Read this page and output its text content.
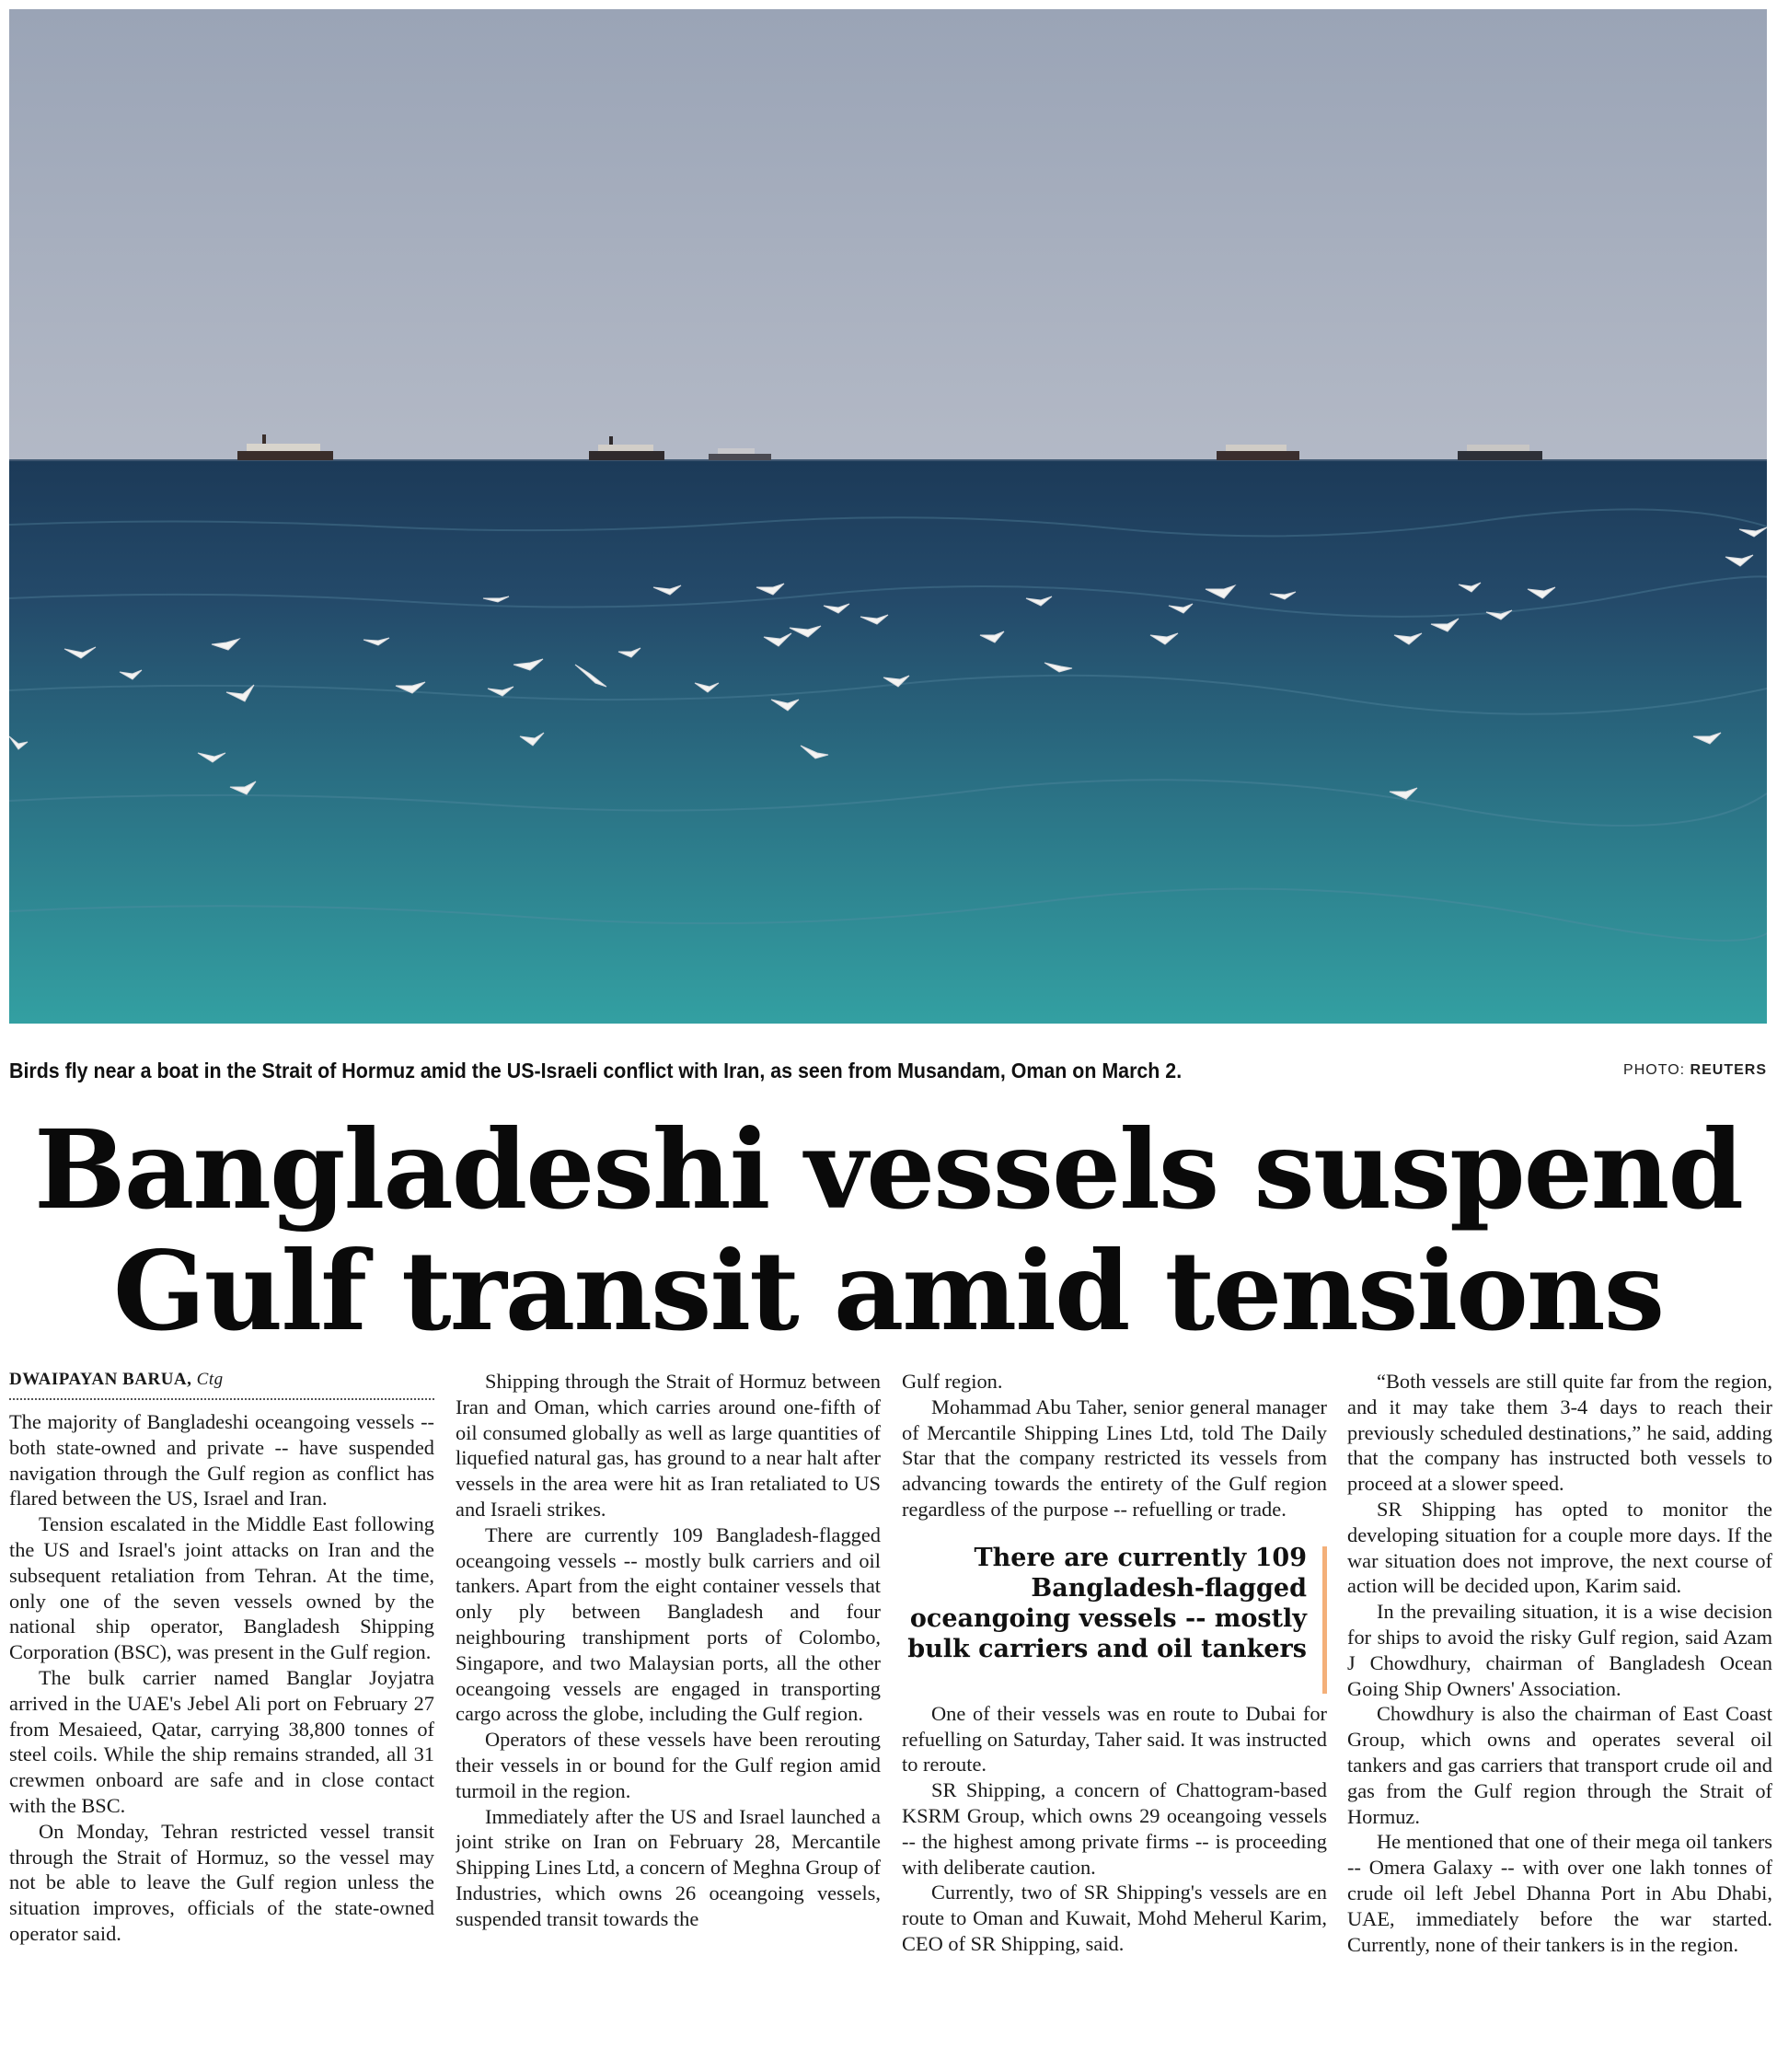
Birds fly near a boat in the Strait of Hormuz amid the US-Israeli conflict with Iran, as seen from Musandam, Oman on March 2.	PHOTO: REUTERS
Bangladeshi vessels suspend
Gulf transit amid tensions
DWAIPAYAN BARUA, Ctg

The majority of Bangladeshi oceangoing vessels -- both state-owned and private -- have suspended navigation through the Gulf region as conflict has flared between the US, Israel and Iran.

Tension escalated in the Middle East following the US and Israel's joint attacks on Iran and the subsequent retaliation from Tehran. At the time, only one of the seven vessels owned by the national ship operator, Bangladesh Shipping Corporation (BSC), was present in the Gulf region.

The bulk carrier named Banglar Joyjatra arrived in the UAE's Jebel Ali port on February 27 from Mesaieed, Qatar, carrying 38,800 tonnes of steel coils. While the ship remains stranded, all 31 crewmen onboard are safe and in close contact with the BSC.

On Monday, Tehran restricted vessel transit through the Strait of Hormuz, so the vessel may not be able to leave the Gulf region unless the situation improves, officials of the state-owned operator said.

Shipping through the Strait of Hormuz between Iran and Oman, which carries around one-fifth of oil consumed globally as well as large quantities of liquefied natural gas, has ground to a near halt after vessels in the area were hit as Iran retaliated to US and Israeli strikes.

There are currently 109 Bangladesh-flagged oceangoing vessels -- mostly bulk carriers and oil tankers. Apart from the eight container vessels that only ply between Bangladesh and four neighbouring transhipment ports of Colombo, Singapore, and two Malaysian ports, all the other oceangoing vessels are engaged in transporting cargo across the globe, including the Gulf region.

Operators of these vessels have been rerouting their vessels in or bound for the Gulf region amid turmoil in the region.

Immediately after the US and Israel launched a joint strike on Iran on February 28, Mercantile Shipping Lines Ltd, a concern of Meghna Group of Industries, which owns 26 oceangoing vessels, suspended transit towards the

Gulf region.

Mohammad Abu Taher, senior general manager of Mercantile Shipping Lines Ltd, told The Daily Star that the company restricted its vessels from advancing towards the entirety of the Gulf region regardless of the purpose -- refuelling or trade.

There are currently 109 Bangladesh-flagged oceangoing vessels -- mostly bulk carriers and oil tankers

One of their vessels was en route to Dubai for refuelling on Saturday, Taher said. It was instructed to reroute.

SR Shipping, a concern of Chattogram-based KSRM Group, which owns 29 oceangoing vessels -- the highest among private firms -- is proceeding with deliberate caution.

Currently, two of SR Shipping's vessels are en route to Oman and Kuwait, Mohd Meherul Karim, CEO of SR Shipping, said.

“Both vessels are still quite far from the region, and it may take them 3-4 days to reach their previously scheduled destinations,” he said, adding that the company has instructed both vessels to proceed at a slower speed.

SR Shipping has opted to monitor the developing situation for a couple more days. If the war situation does not improve, the next course of action will be decided upon, Karim said.

In the prevailing situation, it is a wise decision for ships to avoid the risky Gulf region, said Azam J Chowdhury, chairman of Bangladesh Ocean Going Ship Owners' Association.

Chowdhury is also the chairman of East Coast Group, which owns and operates several oil tankers and gas carriers that transport crude oil and gas from the Gulf region through the Strait of Hormuz.

He mentioned that one of their mega oil tankers -- Omera Galaxy -- with over one lakh tonnes of crude oil left Jebel Dhanna Port in Abu Dhabi, UAE, immediately before the war started. Currently, none of their tankers is in the region.
